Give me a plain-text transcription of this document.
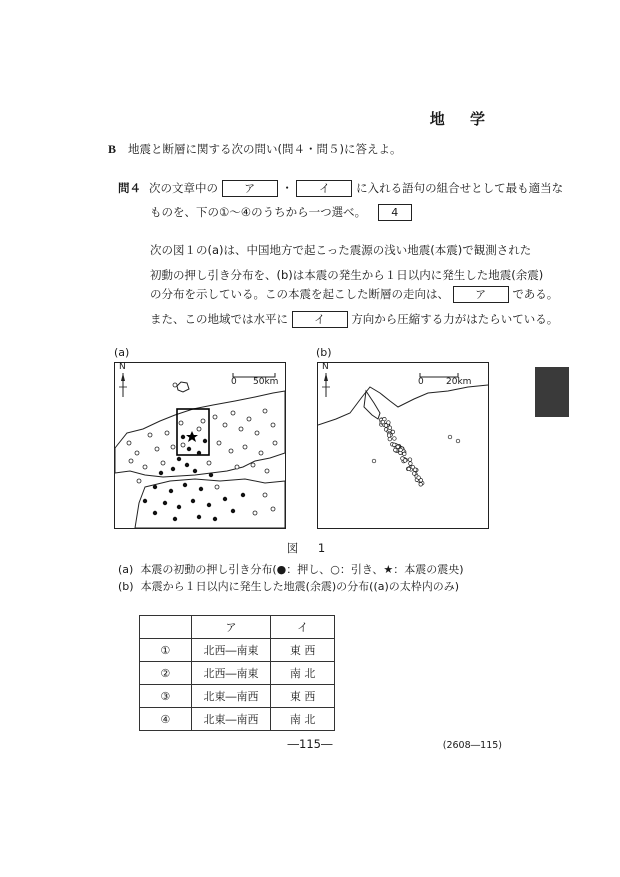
地 学
B 地震と断層に関する次の問い(問４・問５)に答えよ。
問４ 次の文章中の ア ・ イ に入れる語句の組合せとして最も適当な
ものを、下の①～④のうちから一つ選べ。 4
次の図１の(a)は、中国地方で起こった震源の浅い地震(本震)で観測された
初動の押し引き分布を、(b)は本震の発生から１日以内に発生した地震(余震)
の分布を示している。この本震を起こした断層の走向は、 ア である。
また、この地域では水平に イ 方向から圧縮する力がはたらいている。
(a)
0 50km
N
(b)
0 20km
N
図 1
(a) 本震の初動の押し引き分布(●：押し、○：引き、★：本震の震央)
(b) 本震から１日以内に発生した地震(余震)の分布((a)の太枠内のみ)
	ア	イ
①	北西―南東	東 西
②	北西―南東	南 北
③	北東―南西	東 西
④	北東―南西	南 北
―115―	(2608―115)
